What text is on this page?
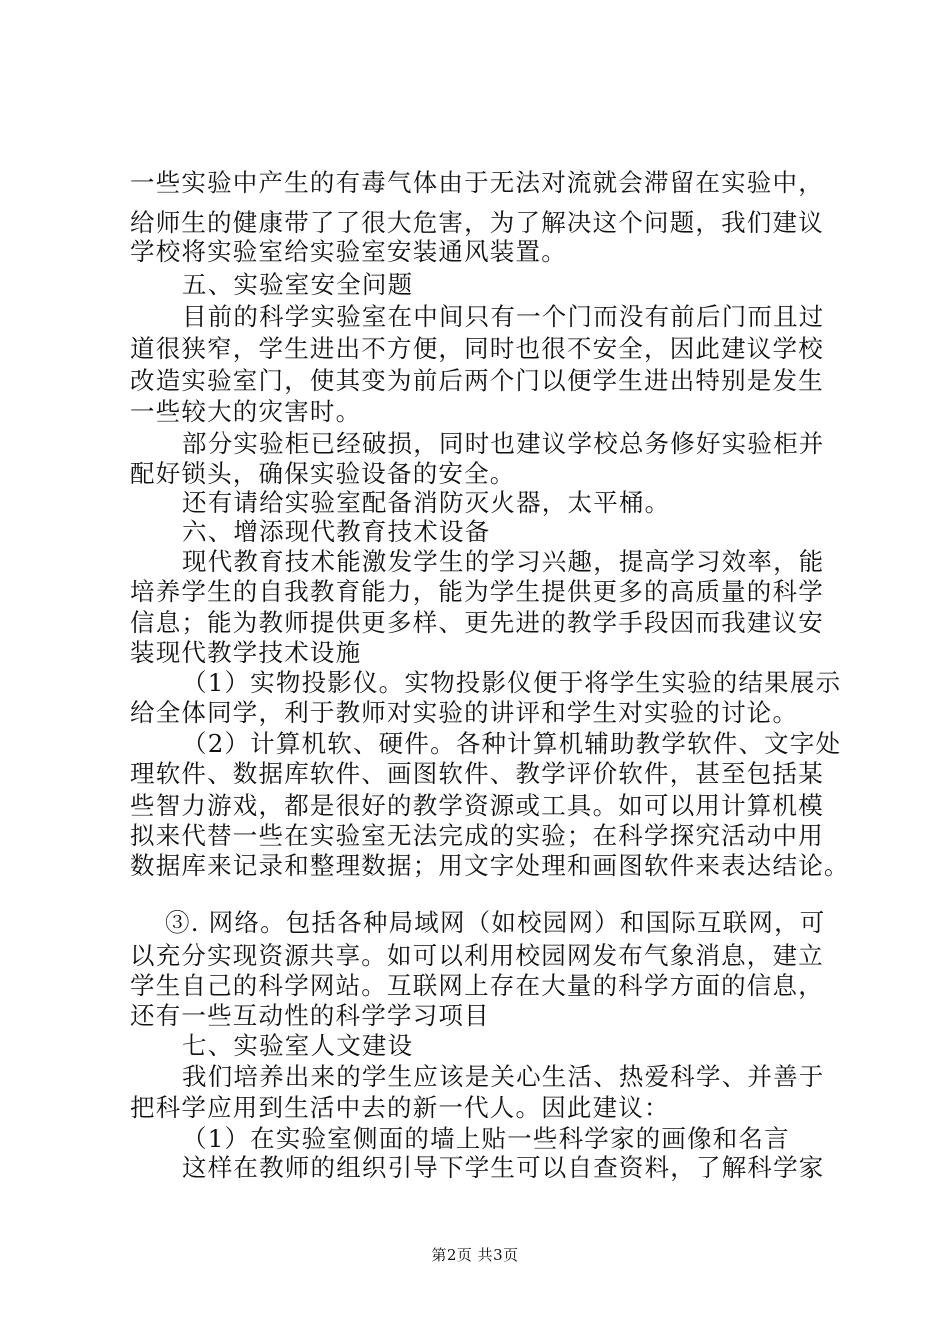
一些实验中产生的有毒气体由于无法对流就会滞留在实验中，
给师生的健康带了了很大危害，为了解决这个问题，我们建议
学校将实验室给实验室安装通风装置。
五、实验室安全问题
目前的科学实验室在中间只有一个门而没有前后门而且过
道很狭窄，学生进出不方便，同时也很不安全，因此建议学校
改造实验室门，使其变为前后两个门以便学生进出特别是发生
一些较大的灾害时。
部分实验柜已经破损，同时也建议学校总务修好实验柜并
配好锁头，确保实验设备的安全。
还有请给实验室配备消防灭火器，太平桶。
六、增添现代教育技术设备
现代教育技术能激发学生的学习兴趣，提高学习效率，能
培养学生的自我教育能力，能为学生提供更多的高质量的科学
信息；能为教师提供更多样、更先进的教学手段因而我建议安
装现代教学技术设施
（1）实物投影仪。实物投影仪便于将学生实验的结果展示
给全体同学，利于教师对实验的讲评和学生对实验的讨论。
（2）计算机软、硬件。各种计算机辅助教学软件、文字处
理软件、数据库软件、画图软件、教学评价软件，甚至包括某
些智力游戏，都是很好的教学资源或工具。如可以用计算机模
拟来代替一些在实验室无法完成的实验；在科学探究活动中用
数据库来记录和整理数据；用文字处理和画图软件来表达结论。
③. 网络。包括各种局域网（如校园网）和国际互联网，可
以充分实现资源共享。如可以利用校园网发布气象消息，建立
学生自己的科学网站。互联网上存在大量的科学方面的信息，
还有一些互动性的科学学习项目
七、实验室人文建设
我们培养出来的学生应该是关心生活、热爱科学、并善于
把科学应用到生活中去的新一代人。因此建议：
（1）在实验室侧面的墙上贴一些科学家的画像和名言
这样在教师的组织引导下学生可以自查资料，了解科学家
第2页 共3页
